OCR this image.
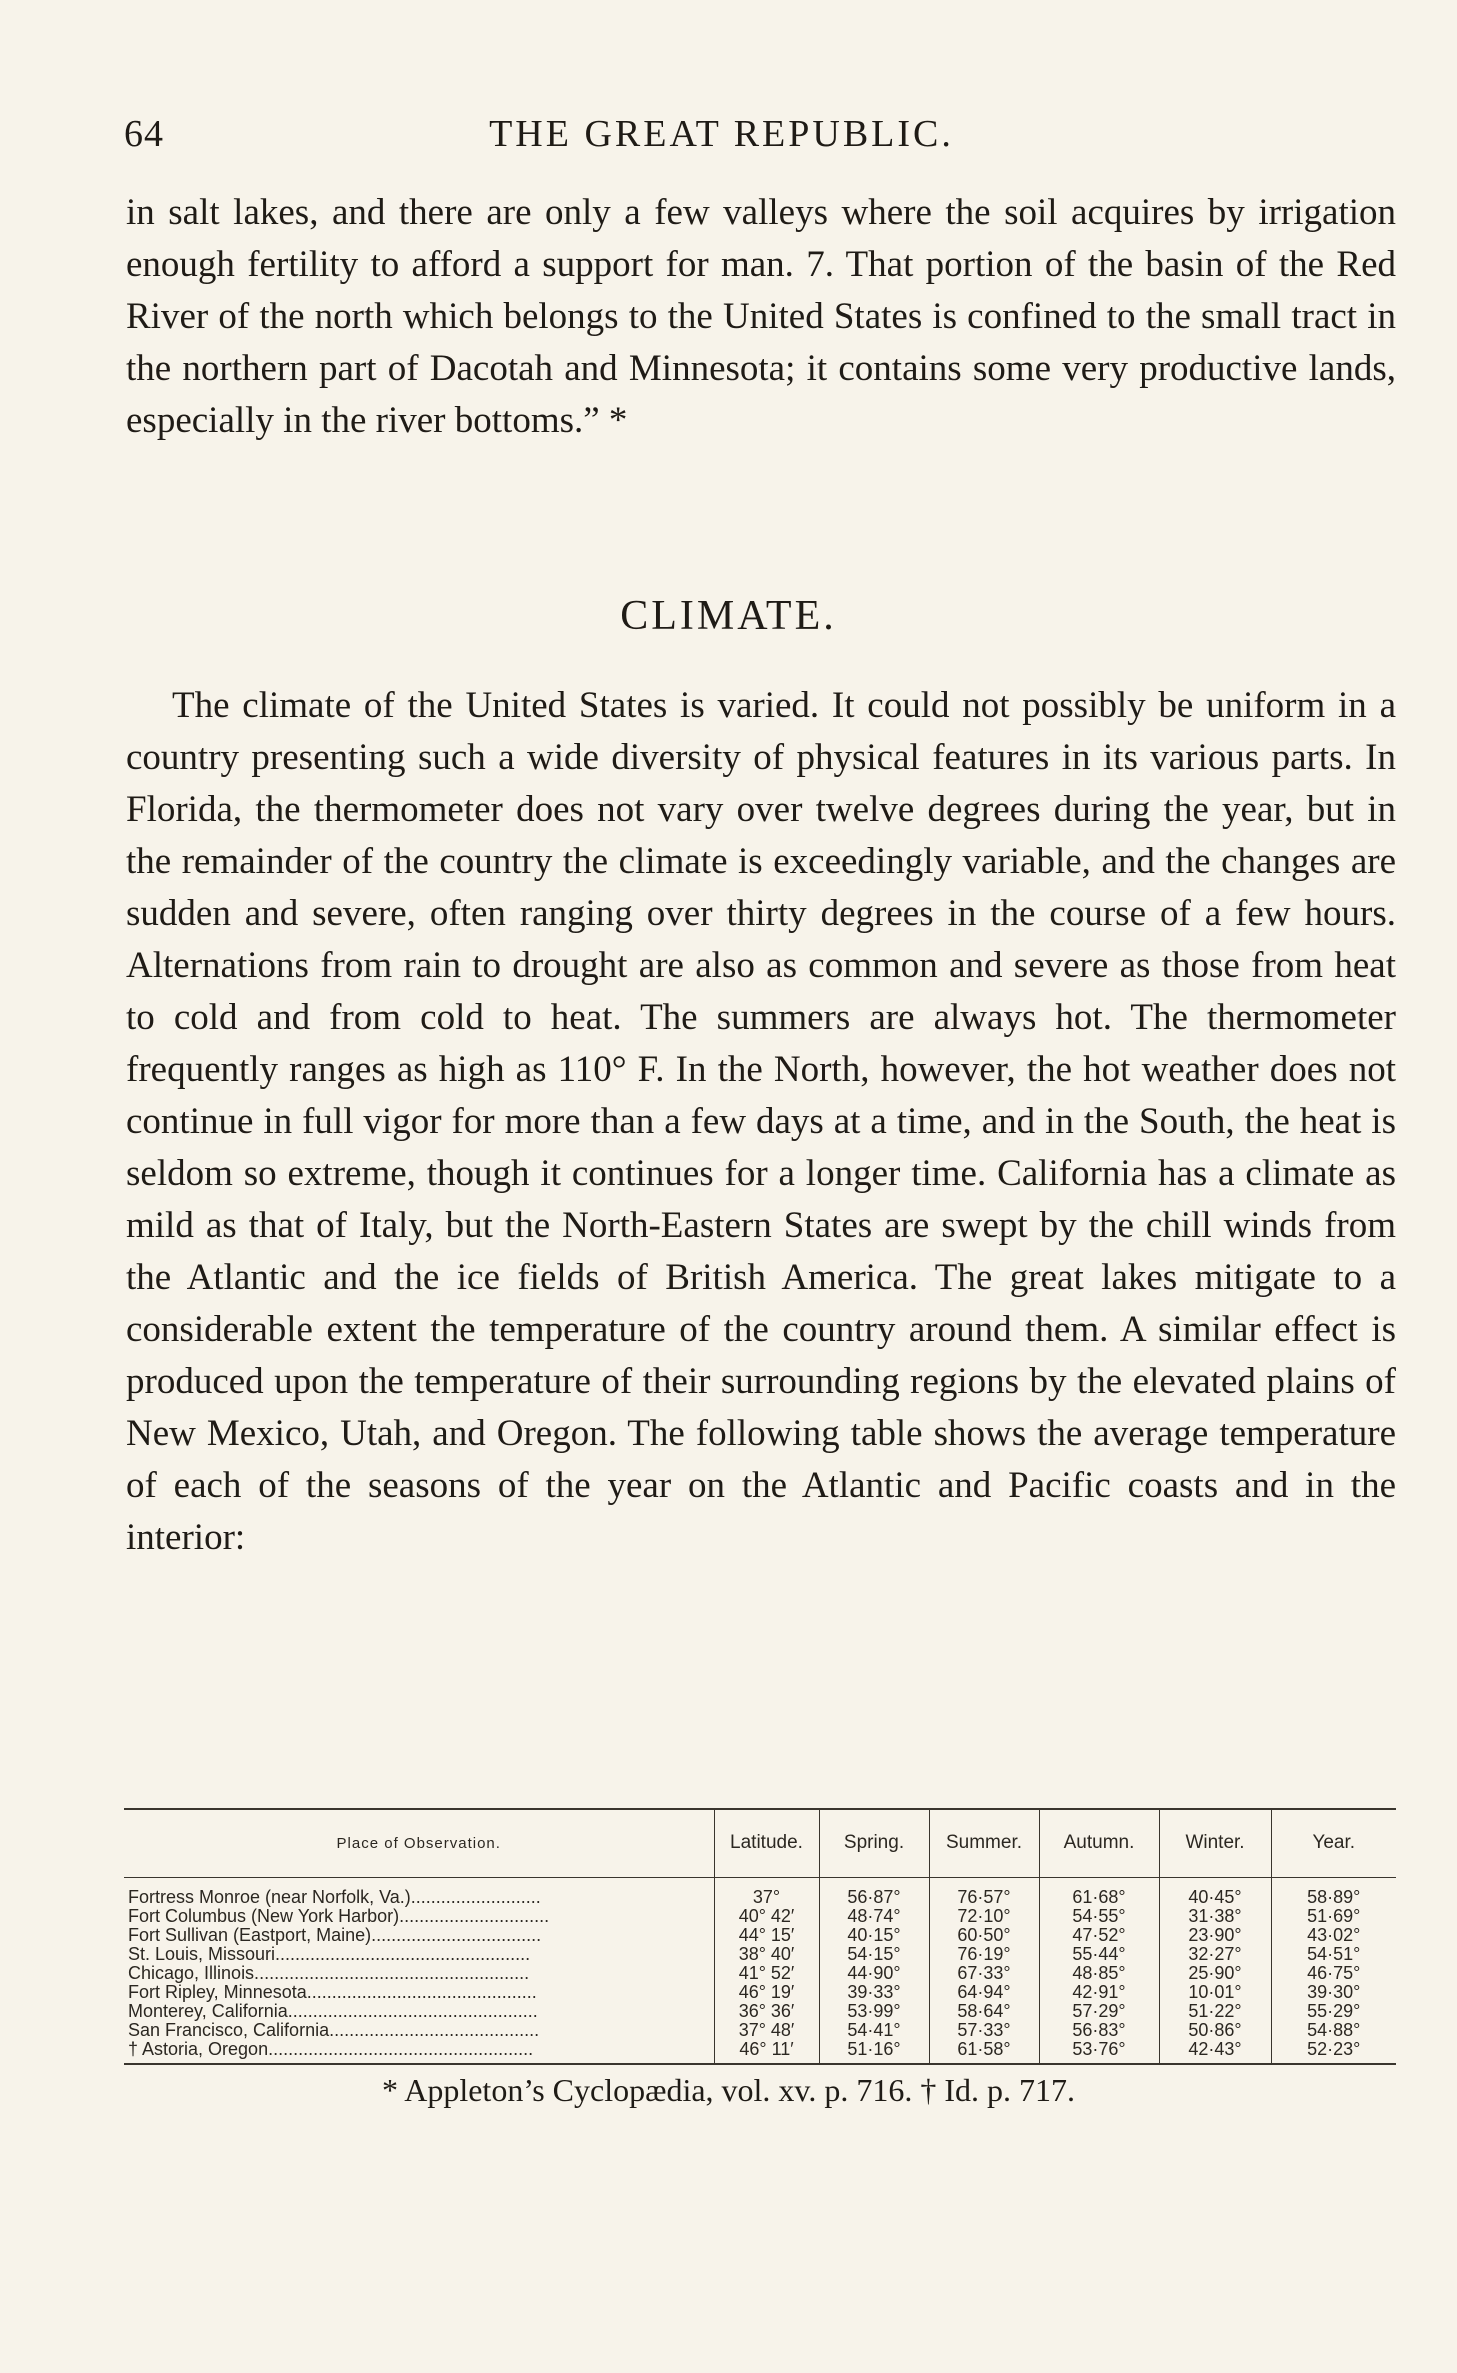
64	THE GREAT REPUBLIC.

in salt lakes, and there are only a few valleys where the soil acquires by irrigation enough fertility to afford a support for man. 7. That portion of the basin of the Red River of the north which belongs to the United States is confined to the small tract in the northern part of Dacotah and Minnesota; it contains some very productive lands, especially in the river bottoms.” *

CLIMATE.

The climate of the United States is varied. It could not possibly be uniform in a country presenting such a wide diversity of physical features in its various parts. In Florida, the thermometer does not vary over twelve degrees during the year, but in the remainder of the country the climate is exceedingly variable, and the changes are sudden and severe, often ranging over thirty degrees in the course of a few hours. Alternations from rain to drought are also as common and severe as those from heat to cold and from cold to heat. The summers are always hot. The thermometer frequently ranges as high as 110° F. In the North, however, the hot weather does not continue in full vigor for more than a few days at a time, and in the South, the heat is seldom so extreme, though it continues for a longer time. California has a climate as mild as that of Italy, but the North-Eastern States are swept by the chill winds from the Atlantic and the ice fields of British America. The great lakes mitigate to a considerable extent the temperature of the country around them. A similar effect is produced upon the temperature of their surrounding regions by the elevated plains of New Mexico, Utah, and Oregon. The following table shows the average temperature of each of the seasons of the year on the Atlantic and Pacific coasts and in the interior:

Place of Observation.	Latitude.	Spring.	Summer.	Autumn.	Winter.	Year.
Fortress Monroe (near Norfolk, Va.)..........................	37°	56·87°	76·57°	61·68°	40·45°	58·89°
Fort Columbus (New York Harbor)..............................	40° 42′	48·74°	72·10°	54·55°	31·38°	51·69°
Fort Sullivan (Eastport, Maine)..................................	44° 15′	40·15°	60·50°	47·52°	23·90°	43·02°
St. Louis, Missouri...................................................	38° 40′	54·15°	76·19°	55·44°	32·27°	54·51°
Chicago, Illinois.......................................................	41° 52′	44·90°	67·33°	48·85°	25·90°	46·75°
Fort Ripley, Minnesota..............................................	46° 19′	39·33°	64·94°	42·91°	10·01°	39·30°
Monterey, California..................................................	36° 36′	53·99°	58·64°	57·29°	51·22°	55·29°
San Francisco, California..........................................	37° 48′	54·41°	57·33°	56·83°	50·86°	54·88°
† Astoria, Oregon.....................................................	46° 11′	51·16°	61·58°	53·76°	42·43°	52·23°
* Appleton’s Cyclopædia, vol. xv. p. 716. † Id. p. 717.
